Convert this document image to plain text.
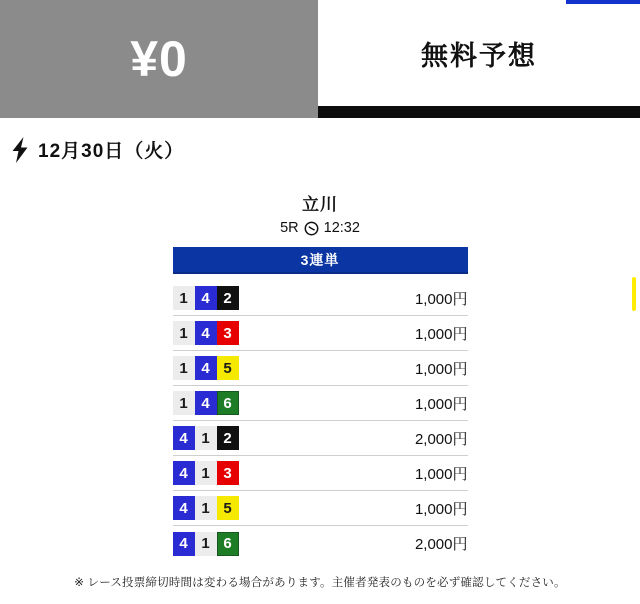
¥0	無料予想
12月30日（火）
立川
5R 12:32
3連単
1 4 2	1,000円
1 4 3	1,000円
1 4 5	1,000円
1 4 6	1,000円
4 1 2	2,000円
4 1 3	1,000円
4 1 5	1,000円
4 1 6	2,000円
※ レース投票締切時間は変わる場合があります。主催者発表のものを必ず確認してください。
